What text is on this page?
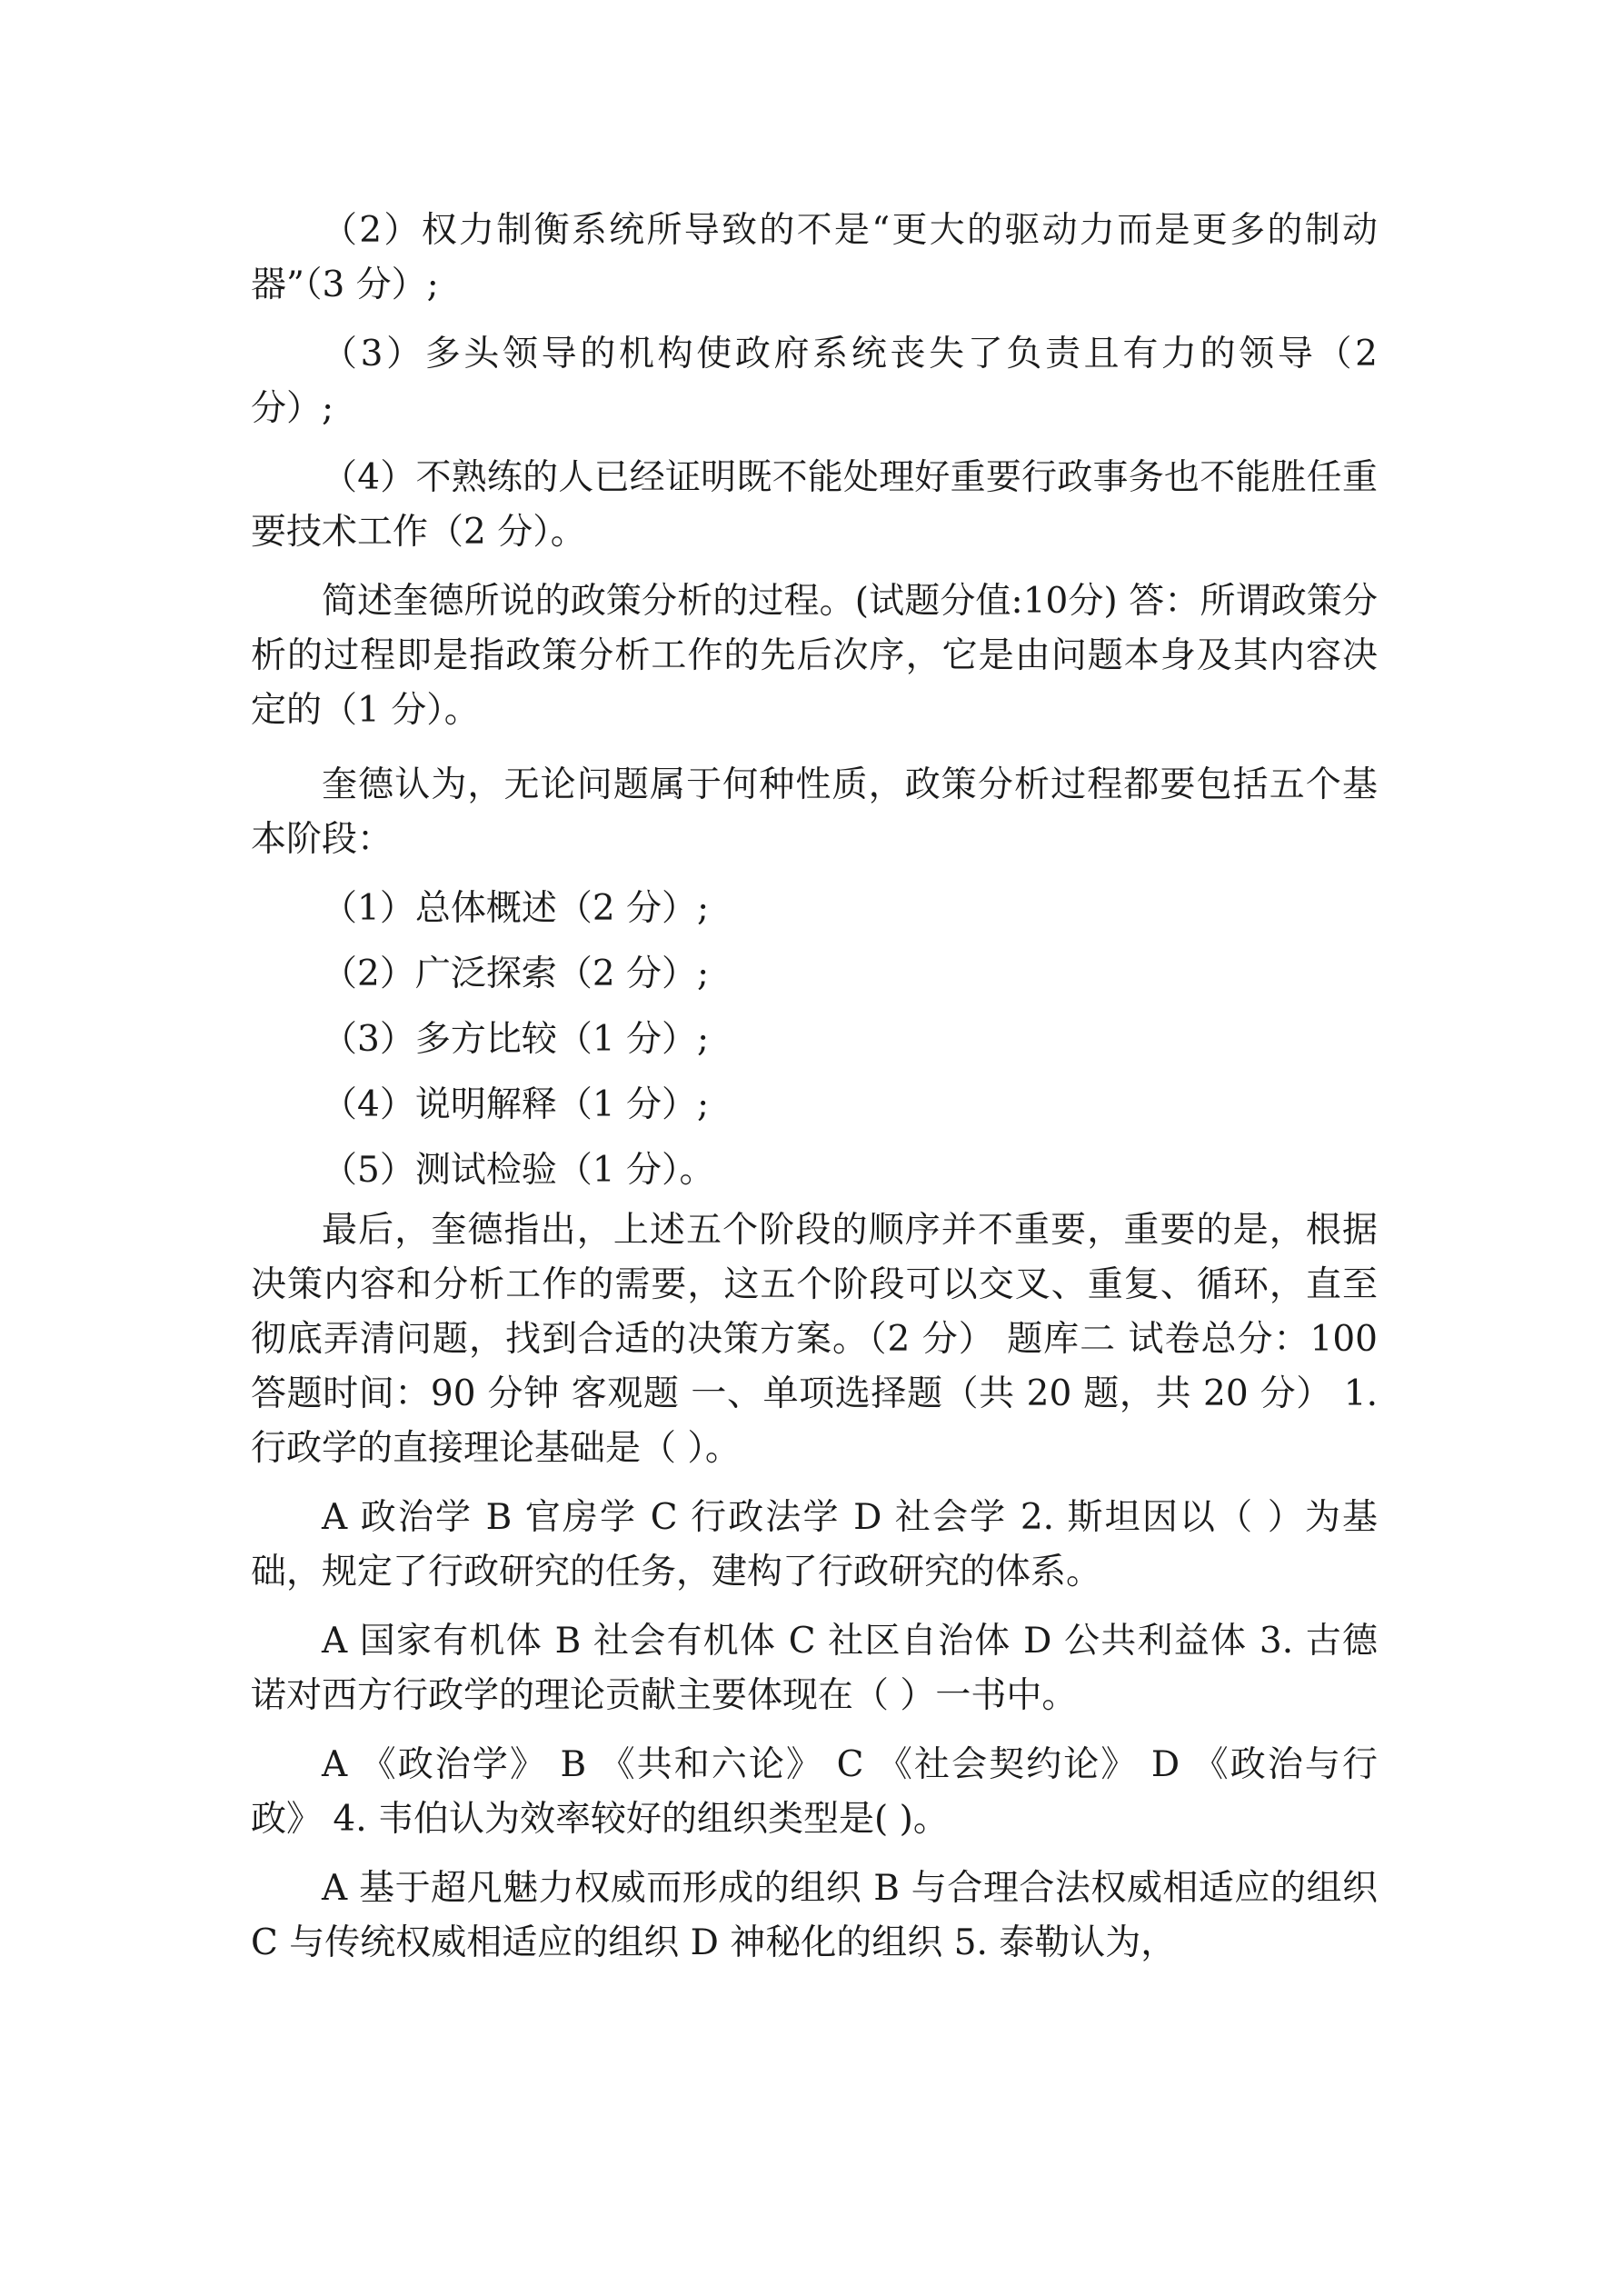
（2）权力制衡系统所导致的不是“更大的驱动力而是更多的制动器”（3 分）;

（3）多头领导的机构使政府系统丧失了负责且有力的领导（2 分）;

（4）不熟练的人已经证明既不能处理好重要行政事务也不能胜任重要技术工作（2 分）。

简述奎德所说的政策分析的过程。(试题分值:10分) 答：所谓政策分析的过程即是指政策分析工作的先后次序，它是由问题本身及其内容决定的（1 分）。

奎德认为，无论问题属于何种性质，政策分析过程都要包括五个基本阶段：

（1）总体概述（2 分）;

（2）广泛探索（2 分）;

（3）多方比较（1 分）;

（4）说明解释（1 分）;

（5）测试检验（1 分）。

最后，奎德指出，上述五个阶段的顺序并不重要，重要的是，根据决策内容和分析工作的需要，这五个阶段可以交叉、重复、循环，直至彻底弄清问题，找到合适的决策方案。（2 分） 题库二 试卷总分：100 答题时间：90 分钟 客观题 一、单项选择题（共 20 题，共 20 分） 1. 行政学的直接理论基础是（ ）。

A 政治学 B 官房学 C 行政法学 D 社会学 2. 斯坦因以（ ）为基础，规定了行政研究的任务，建构了行政研究的体系。

A 国家有机体 B 社会有机体 C 社区自治体 D 公共利益体 3. 古德诺对西方行政学的理论贡献主要体现在（ ）一书中。

A 《政治学》 B 《共和六论》 C 《社会契约论》 D 《政治与行政》 4. 韦伯认为效率较好的组织类型是( )。

A 基于超凡魅力权威而形成的组织 B 与合理合法权威相适应的组织 C 与传统权威相适应的组织 D 神秘化的组织 5. 泰勒认为，
